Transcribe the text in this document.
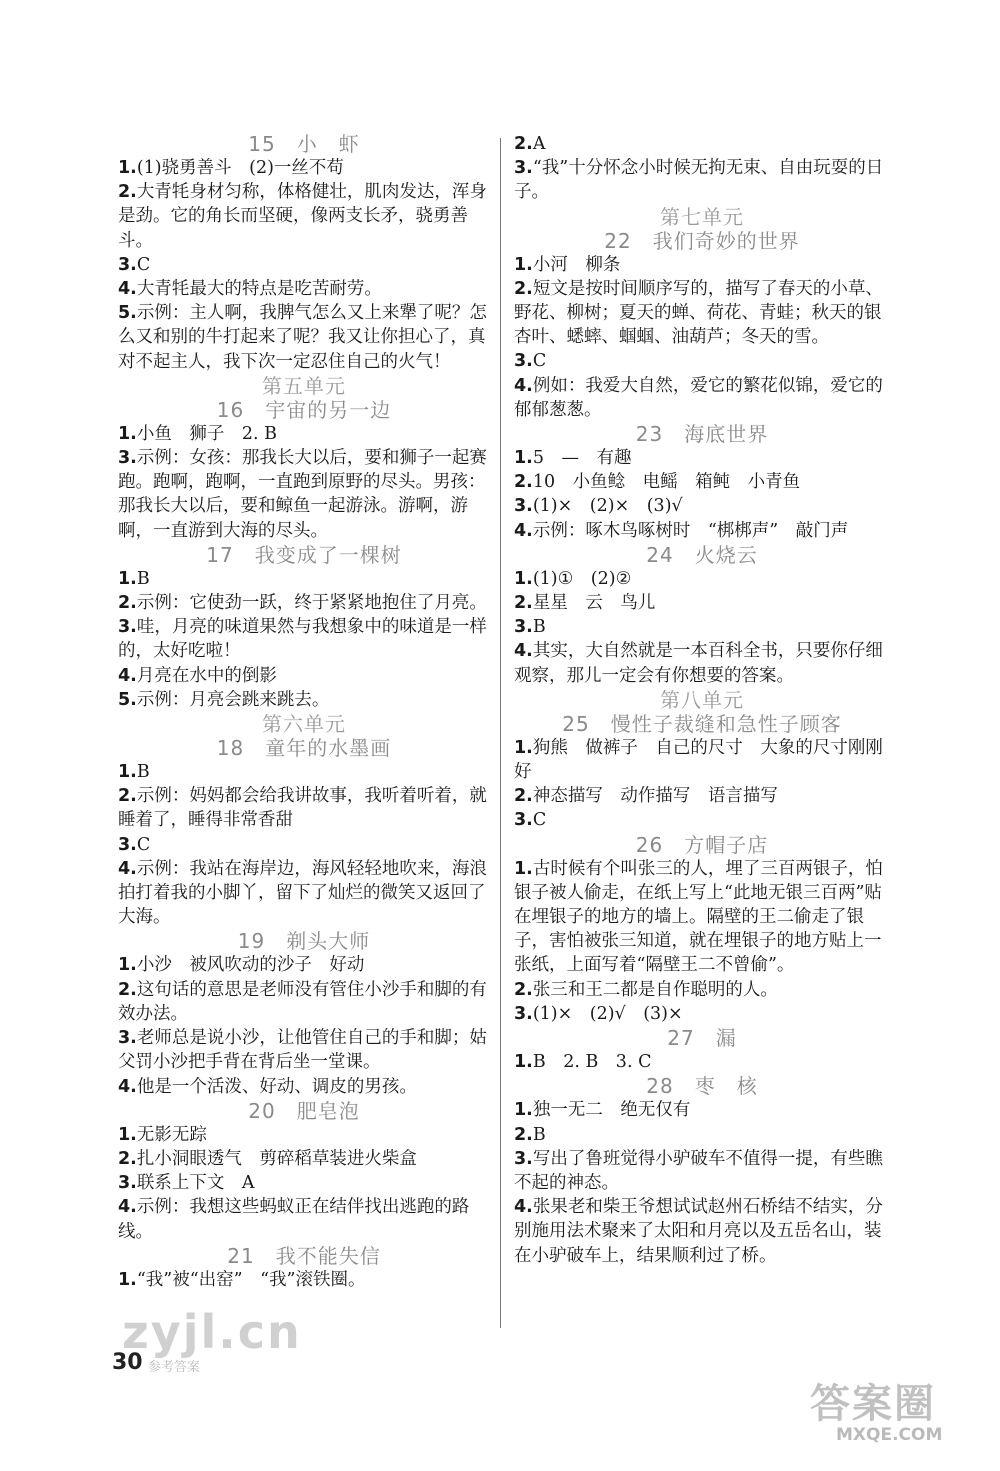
15　小　虾
1.(1)骁勇善斗　(2)一丝不苟
2.大青牦身材匀称，体格健壮，肌肉发达，浑身是劲。它的角长而坚硬，像两支长矛，骁勇善斗。
3.C
4.大青牦最大的特点是吃苦耐劳。
5.示例：主人啊，我脾气怎么又上来犟了呢？怎么又和别的牛打起来了呢？我又让你担心了，真对不起主人，我下次一定忍住自己的火气！
第五单元
16　宇宙的另一边
1.小鱼　狮子　2. B
3.示例：女孩：那我长大以后，要和狮子一起赛跑。跑啊，跑啊，一直跑到原野的尽头。男孩：那我长大以后，要和鲸鱼一起游泳。游啊，游啊，一直游到大海的尽头。
17　我变成了一棵树
1.B
2.示例：它使劲一跃，终于紧紧地抱住了月亮。
3.哇，月亮的味道果然与我想象中的味道是一样的，太好吃啦！
4.月亮在水中的倒影
5.示例：月亮会跳来跳去。
第六单元
18　童年的水墨画
1.B
2.示例：妈妈都会给我讲故事，我听着听着，就睡着了，睡得非常香甜
3.C
4.示例：我站在海岸边，海风轻轻地吹来，海浪拍打着我的小脚丫，留下了灿烂的微笑又返回了大海。
19　剃头大师
1.小沙　被风吹动的沙子　好动
2.这句话的意思是老师没有管住小沙手和脚的有效办法。
3.老师总是说小沙，让他管住自己的手和脚；姑父罚小沙把手背在背后坐一堂课。
4.他是一个活泼、好动、调皮的男孩。
20　肥皂泡
1.无影无踪
2.扎小洞眼透气　剪碎稻草装进火柴盒
3.联系上下文　A
4.示例：我想这些蚂蚁正在结伴找出逃跑的路线。
21　我不能失信
1.“我”被“出窑”　“我”滚铁圈。
2.A
3.“我”十分怀念小时候无拘无束、自由玩耍的日子。
第七单元
22　我们奇妙的世界
1.小河　柳条
2.短文是按时间顺序写的，描写了春天的小草、野花、柳树；夏天的蝉、荷花、青蛙；秋天的银杏叶、蟋蟀、蝈蝈、油葫芦；冬天的雪。
3.C
4.例如：我爱大自然，爱它的繁花似锦，爱它的郁郁葱葱。
23　海底世界
1.5　—　有趣
2.10　小鱼鲶　电鳐　箱鲀　小青鱼
3.(1)×　(2)×　(3)√
4.示例：啄木鸟啄树时　“梆梆声”　敲门声
24　火烧云
1.(1)①　(2)②
2.星星　云　鸟儿
3.B
4.其实，大自然就是一本百科全书，只要你仔细观察，那儿一定会有你想要的答案。
第八单元
25　慢性子裁缝和急性子顾客
1.狗熊　做裤子　自己的尺寸　大象的尺寸刚刚好
2.神态描写　动作描写　语言描写
3.C
26　方帽子店
1.古时候有个叫张三的人，埋了三百两银子，怕银子被人偷走，在纸上写上“此地无银三百两”贴在埋银子的地方的墙上。隔壁的王二偷走了银子，害怕被张三知道，就在埋银子的地方贴上一张纸，上面写着“隔壁王二不曾偷”。
2.张三和王二都是自作聪明的人。
3.(1)×　(2)√　(3)×
27　漏
1.B　2. B　3. C
28　枣　核
1.独一无二　绝无仅有
2.B
3.写出了鲁班觉得小驴破车不值得一提，有些瞧不起的神态。
4.张果老和柴王爷想试试赵州石桥结不结实，分别施用法术聚来了太阳和月亮以及五岳名山，装在小驴破车上，结果顺利过了桥。
zyjl.cn
30 参考答案
答案圈
MXQE.COM
